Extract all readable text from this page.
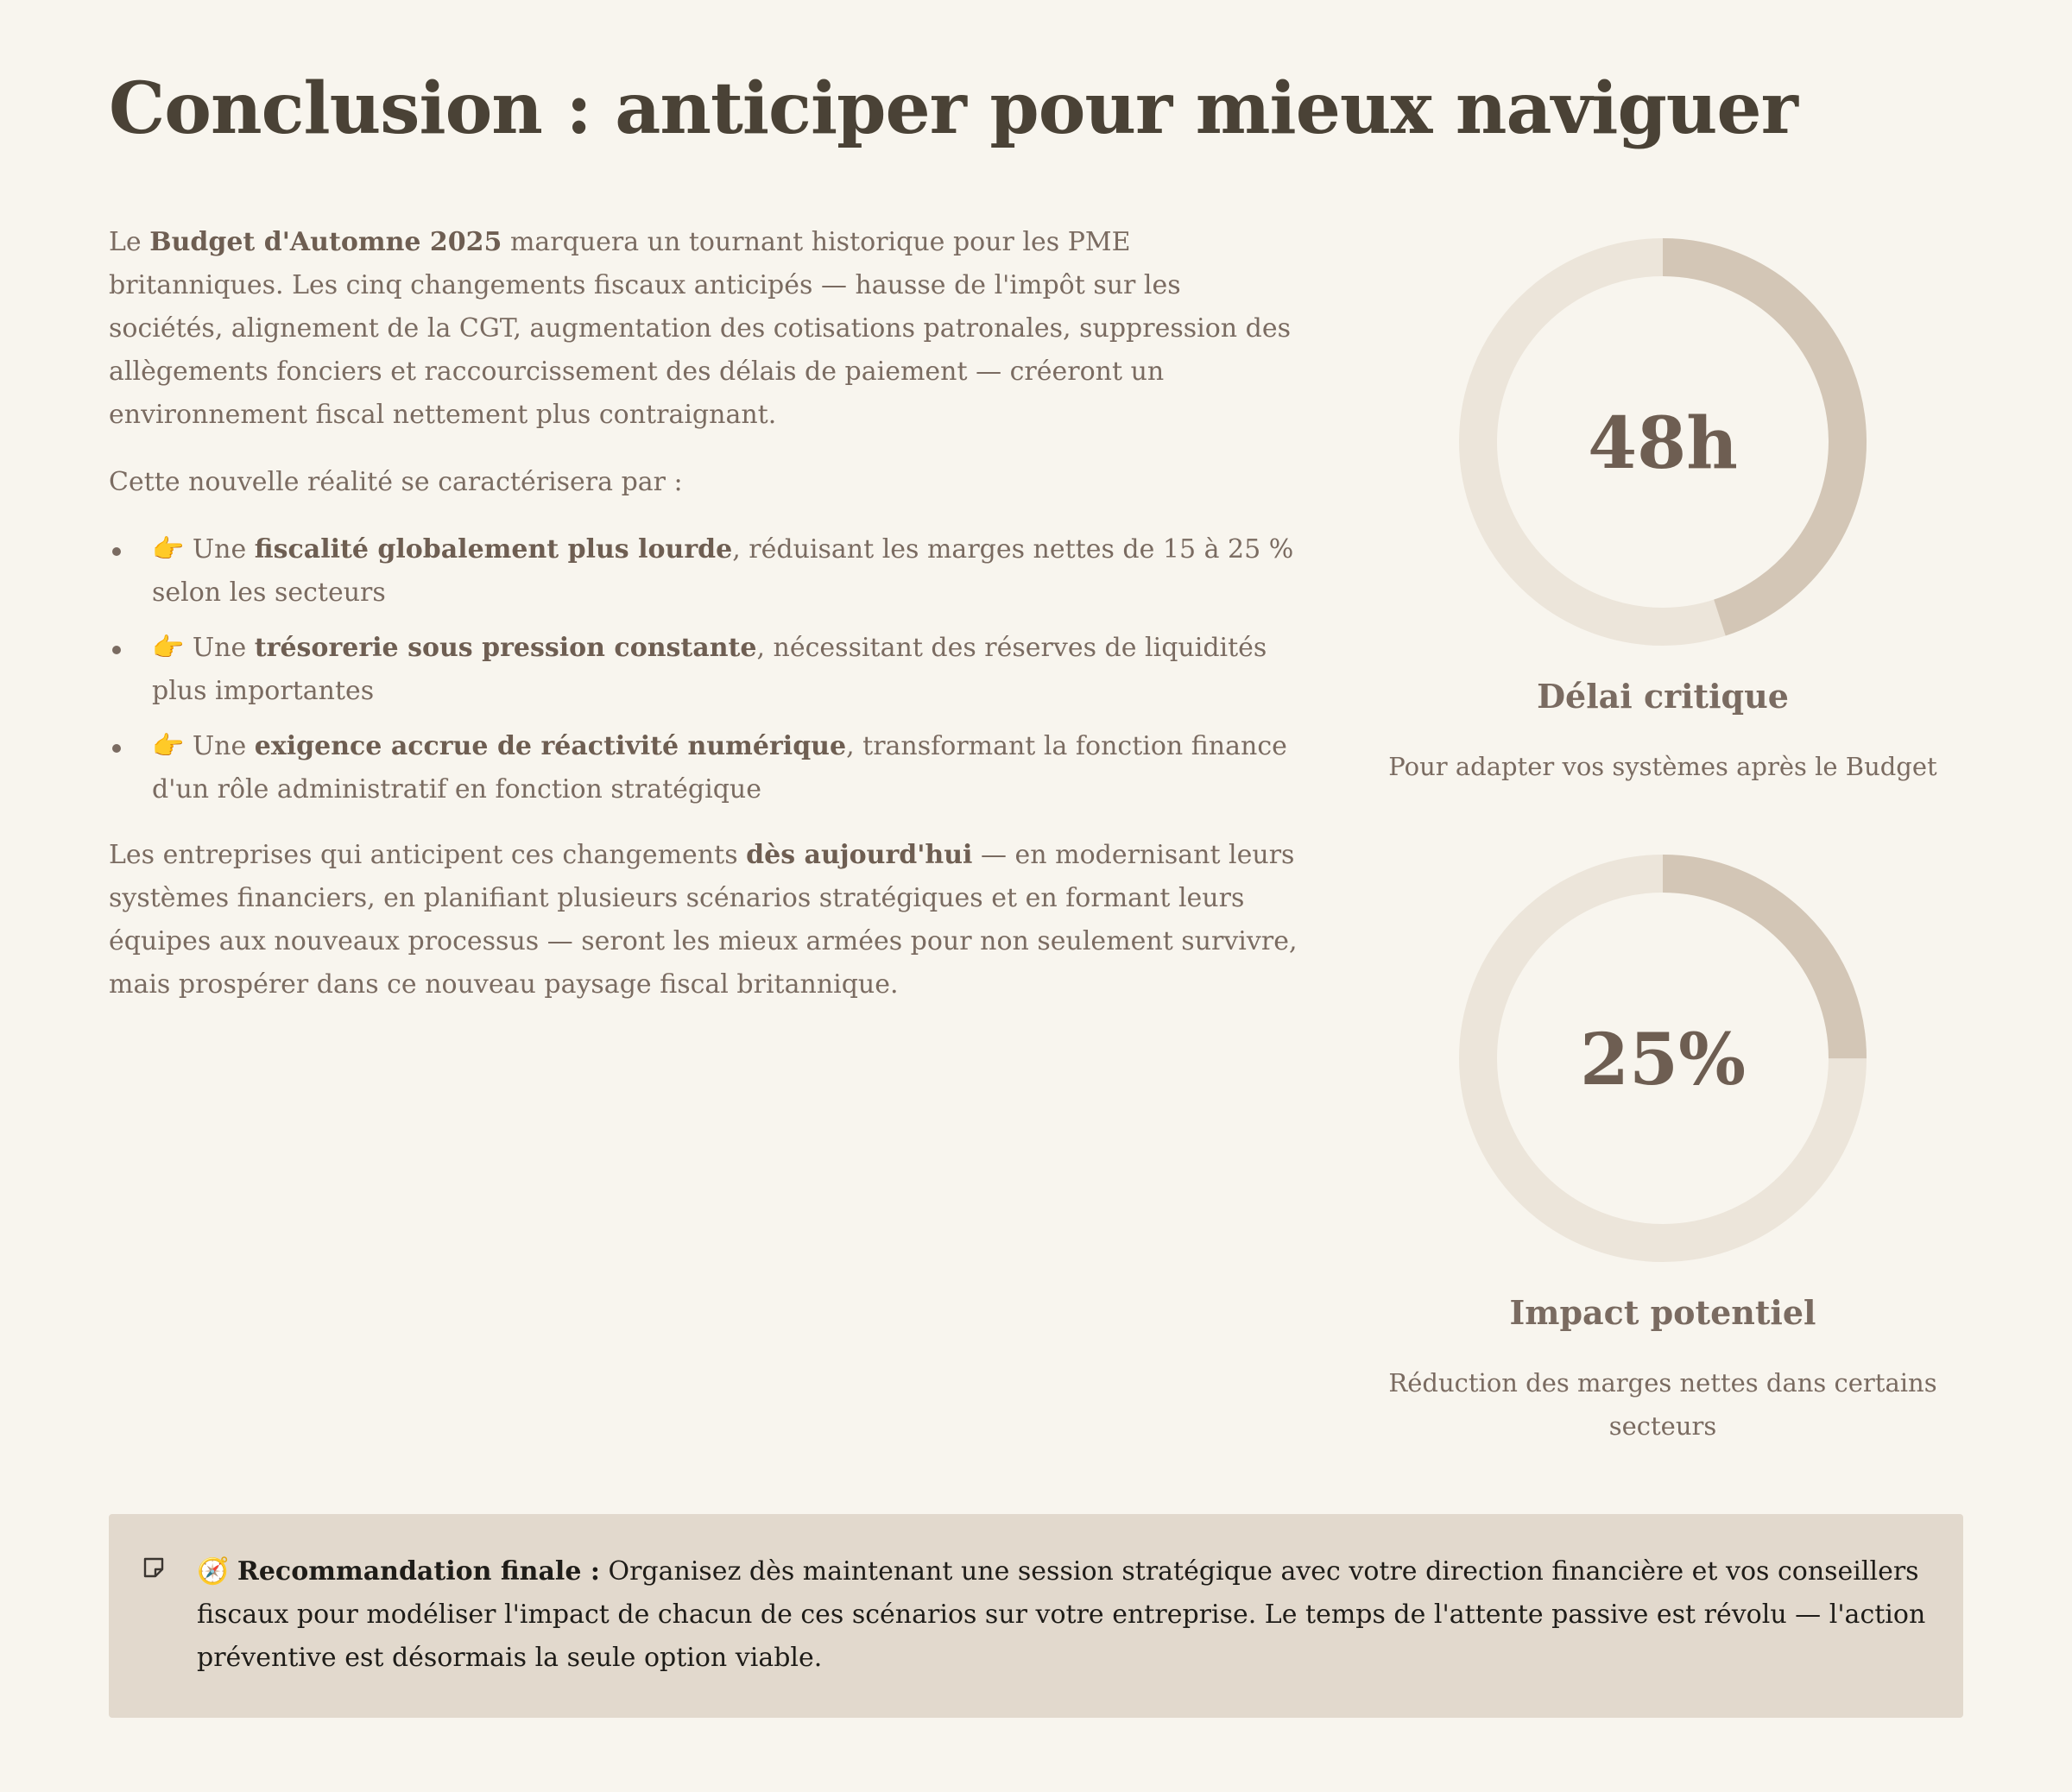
Conclusion : anticiper pour mieux naviguer

Le Budget d'Automne 2025 marquera un tournant historique pour les PME britanniques. Les cinq changements fiscaux anticipés — hausse de l'impôt sur les sociétés, alignement de la CGT, augmentation des cotisations patronales, suppression des allègements fonciers et raccourcissement des délais de paiement — créeront un environnement fiscal nettement plus contraignant.

Cette nouvelle réalité se caractérisera par :

👉 Une fiscalité globalement plus lourde, réduisant les marges nettes de 15 à 25 % selon les secteurs
👉 Une trésorerie sous pression constante, nécessitant des réserves de liquidités plus importantes
👉 Une exigence accrue de réactivité numérique, transformant la fonction finance d'un rôle administratif en fonction stratégique

Les entreprises qui anticipent ces changements dès aujourd'hui — en modernisant leurs systèmes financiers, en planifiant plusieurs scénarios stratégiques et en formant leurs équipes aux nouveaux processus — seront les mieux armées pour non seulement survivre, mais prospérer dans ce nouveau paysage fiscal britannique.

48h
Délai critique
Pour adapter vos systèmes après le Budget
25%
Impact potentiel
Réduction des marges nettes dans certains secteurs
🧭 Recommandation finale : Organisez dès maintenant une session stratégique avec votre direction financière et vos conseillers fiscaux pour modéliser l'impact de chacun de ces scénarios sur votre entreprise. Le temps de l'attente passive est révolu — l'action préventive est désormais la seule option viable.
